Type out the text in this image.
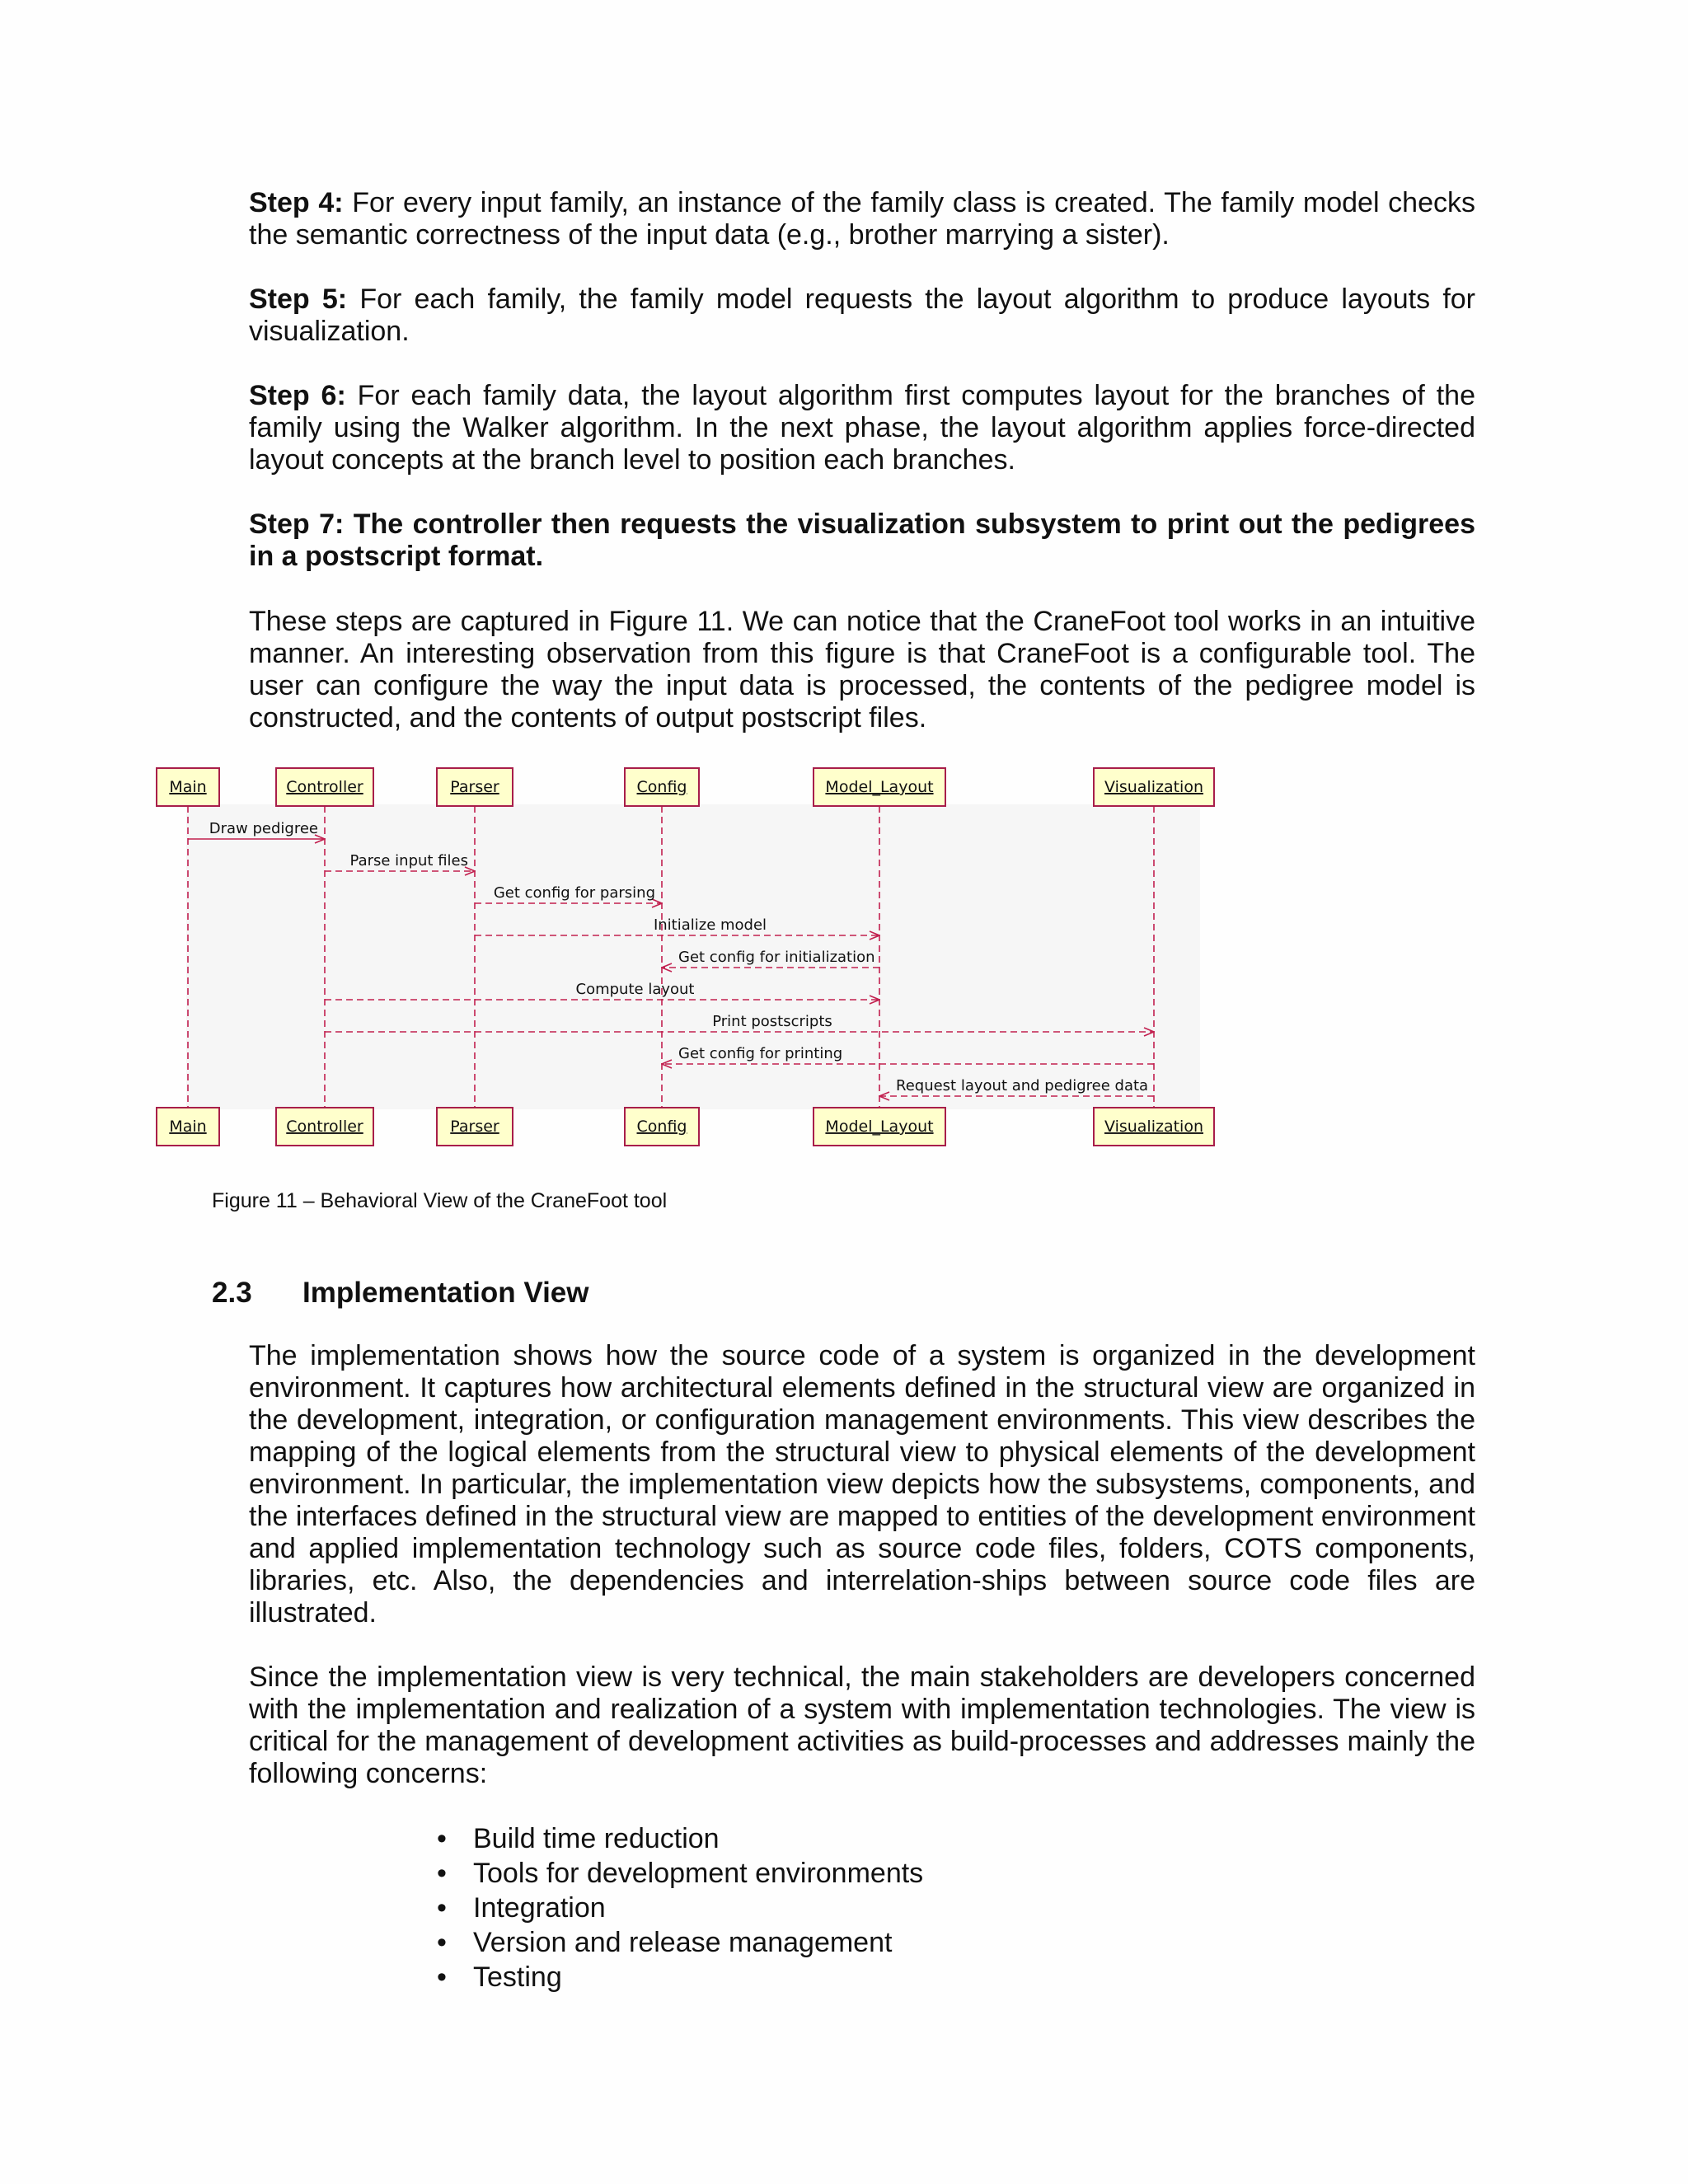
Step 4: For every input family, an instance of the family class is created. The family model checks the semantic correctness of the input data (e.g., brother marrying a sister).

Step 5: For each family, the family model requests the layout algorithm to produce layouts for visualization.

Step 6: For each family data, the layout algorithm first computes layout for the branches of the family using the Walker algorithm. In the next phase, the layout algorithm applies force-directed layout concepts at the branch level to position each branches.

Step 7: The controller then requests the visualization subsystem to print out the pedigrees in a postscript format.

These steps are captured in Figure 11. We can notice that the CraneFoot tool works in an intuitive manner. An interesting observation from this figure is that CraneFoot is a configurable tool. The user can configure the way the input data is processed, the contents of the pedigree model is constructed, and the contents of output postscript files.

Main
Main
Controller
Controller
Parser
Parser
Config
Config
Model_Layout
Model_Layout
Visualization
Visualization
Draw pedigree
Parse input files
Get config for parsing
Initialize model
Get config for initialization
Compute layout
Print postscripts
Get config for printing
Request layout and pedigree data

Figure 11 – Behavioral View of the CraneFoot tool

2.3 Implementation View

The implementation shows how the source code of a system is organized in the development environment. It captures how architectural elements defined in the structural view are organized in the development, integration, or configuration management environments. This view describes the mapping of the logical elements from the structural view to physical elements of the development environment. In particular, the implementation view depicts how the subsystems, components, and the interfaces defined in the structural view are mapped to entities of the development environment and applied implementation technology such as source code files, folders, COTS components, libraries, etc. Also, the dependencies and interrelation-ships between source code files are illustrated.

Since the implementation view is very technical, the main stakeholders are developers concerned with the implementation and realization of a system with implementation technologies. The view is critical for the management of development activities as build-processes and addresses mainly the following concerns:

• Build time reduction
• Tools for development environments
• Integration
• Version and release management
• Testing
